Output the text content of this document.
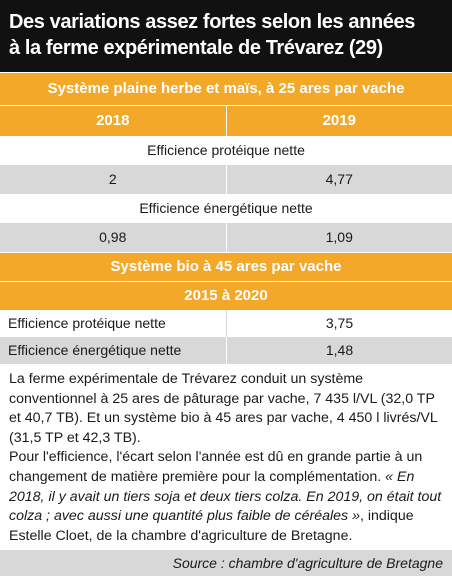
Des variations assez fortes selon les années
à la ferme expérimentale de Trévarez (29)
Système plaine herbe et maïs, à 25 ares par vache
2018	2019
Efficience protéique nette
2	4,77
Efficience énergétique nette
0,98	1,09
Système bio à 45 ares par vache
2015 à 2020
Efficience protéique nette	3,75
Efficience énergétique nette	1,48

La ferme expérimentale de Trévarez conduit un système conventionnel à 25 ares de pâturage par vache, 7 435 l/VL (32,0 TP et 40,7 TB). Et un système bio à 45 ares par vache, 4 450 l livrés/VL (31,5 TP et 42,3 TB).

Pour l'efficience, l'écart selon l'année est dû en grande partie à un changement de matière première pour la complémentation. « En 2018, il y avait un tiers soja et deux tiers colza. En 2019, on était tout colza ; avec aussi une quantité plus faible de céréales », indique Estelle Cloet, de la chambre d'agriculture de Bretagne.

Source : chambre d'agriculture de Bretagne
